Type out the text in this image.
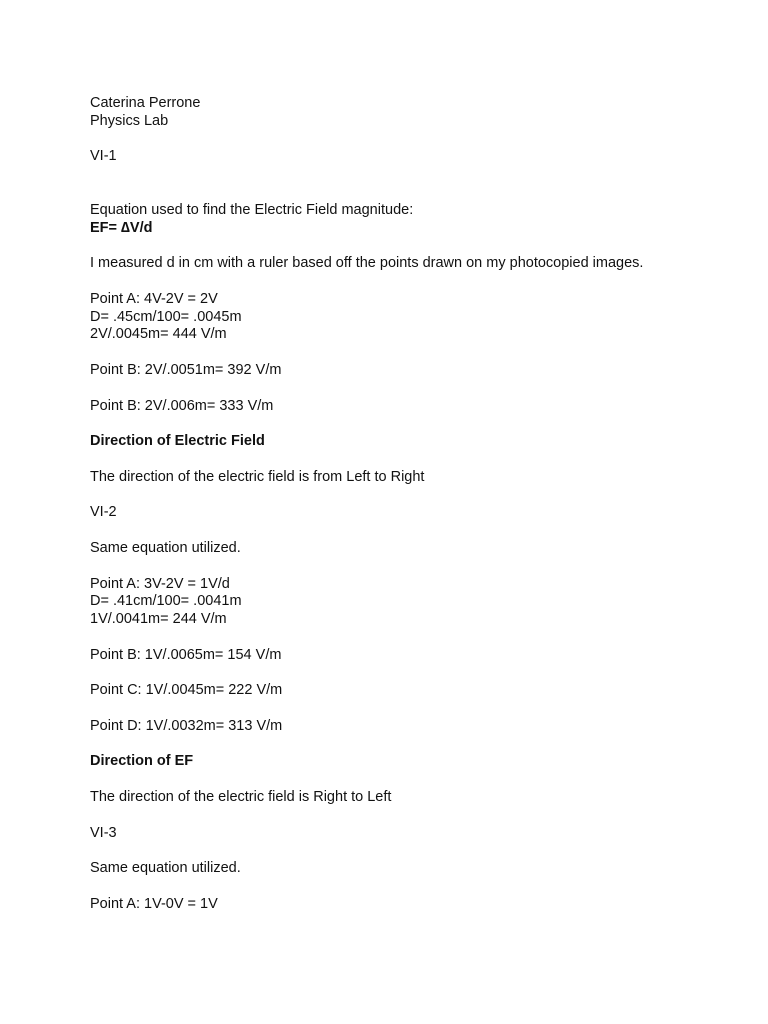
Caterina Perrone
Physics Lab
VI-1
Equation used to find the Electric Field magnitude:
EF= ∆V/d
I measured d in cm with a ruler based off the points drawn on my photocopied images.
Point A: 4V-2V = 2V
D= .45cm/100= .0045m
2V/.0045m= 444 V/m
Point B: 2V/.0051m= 392 V/m
Point B: 2V/.006m= 333 V/m
Direction of Electric Field
The direction of the electric field is from Left to Right
VI-2
Same equation utilized.
Point A: 3V-2V = 1V/d
D= .41cm/100= .0041m
1V/.0041m= 244 V/m
Point B: 1V/.0065m= 154 V/m
Point C: 1V/.0045m= 222 V/m
Point D: 1V/.0032m= 313 V/m
Direction of EF
The direction of the electric field is Right to Left
VI-3
Same equation utilized.
Point A: 1V-0V = 1V
